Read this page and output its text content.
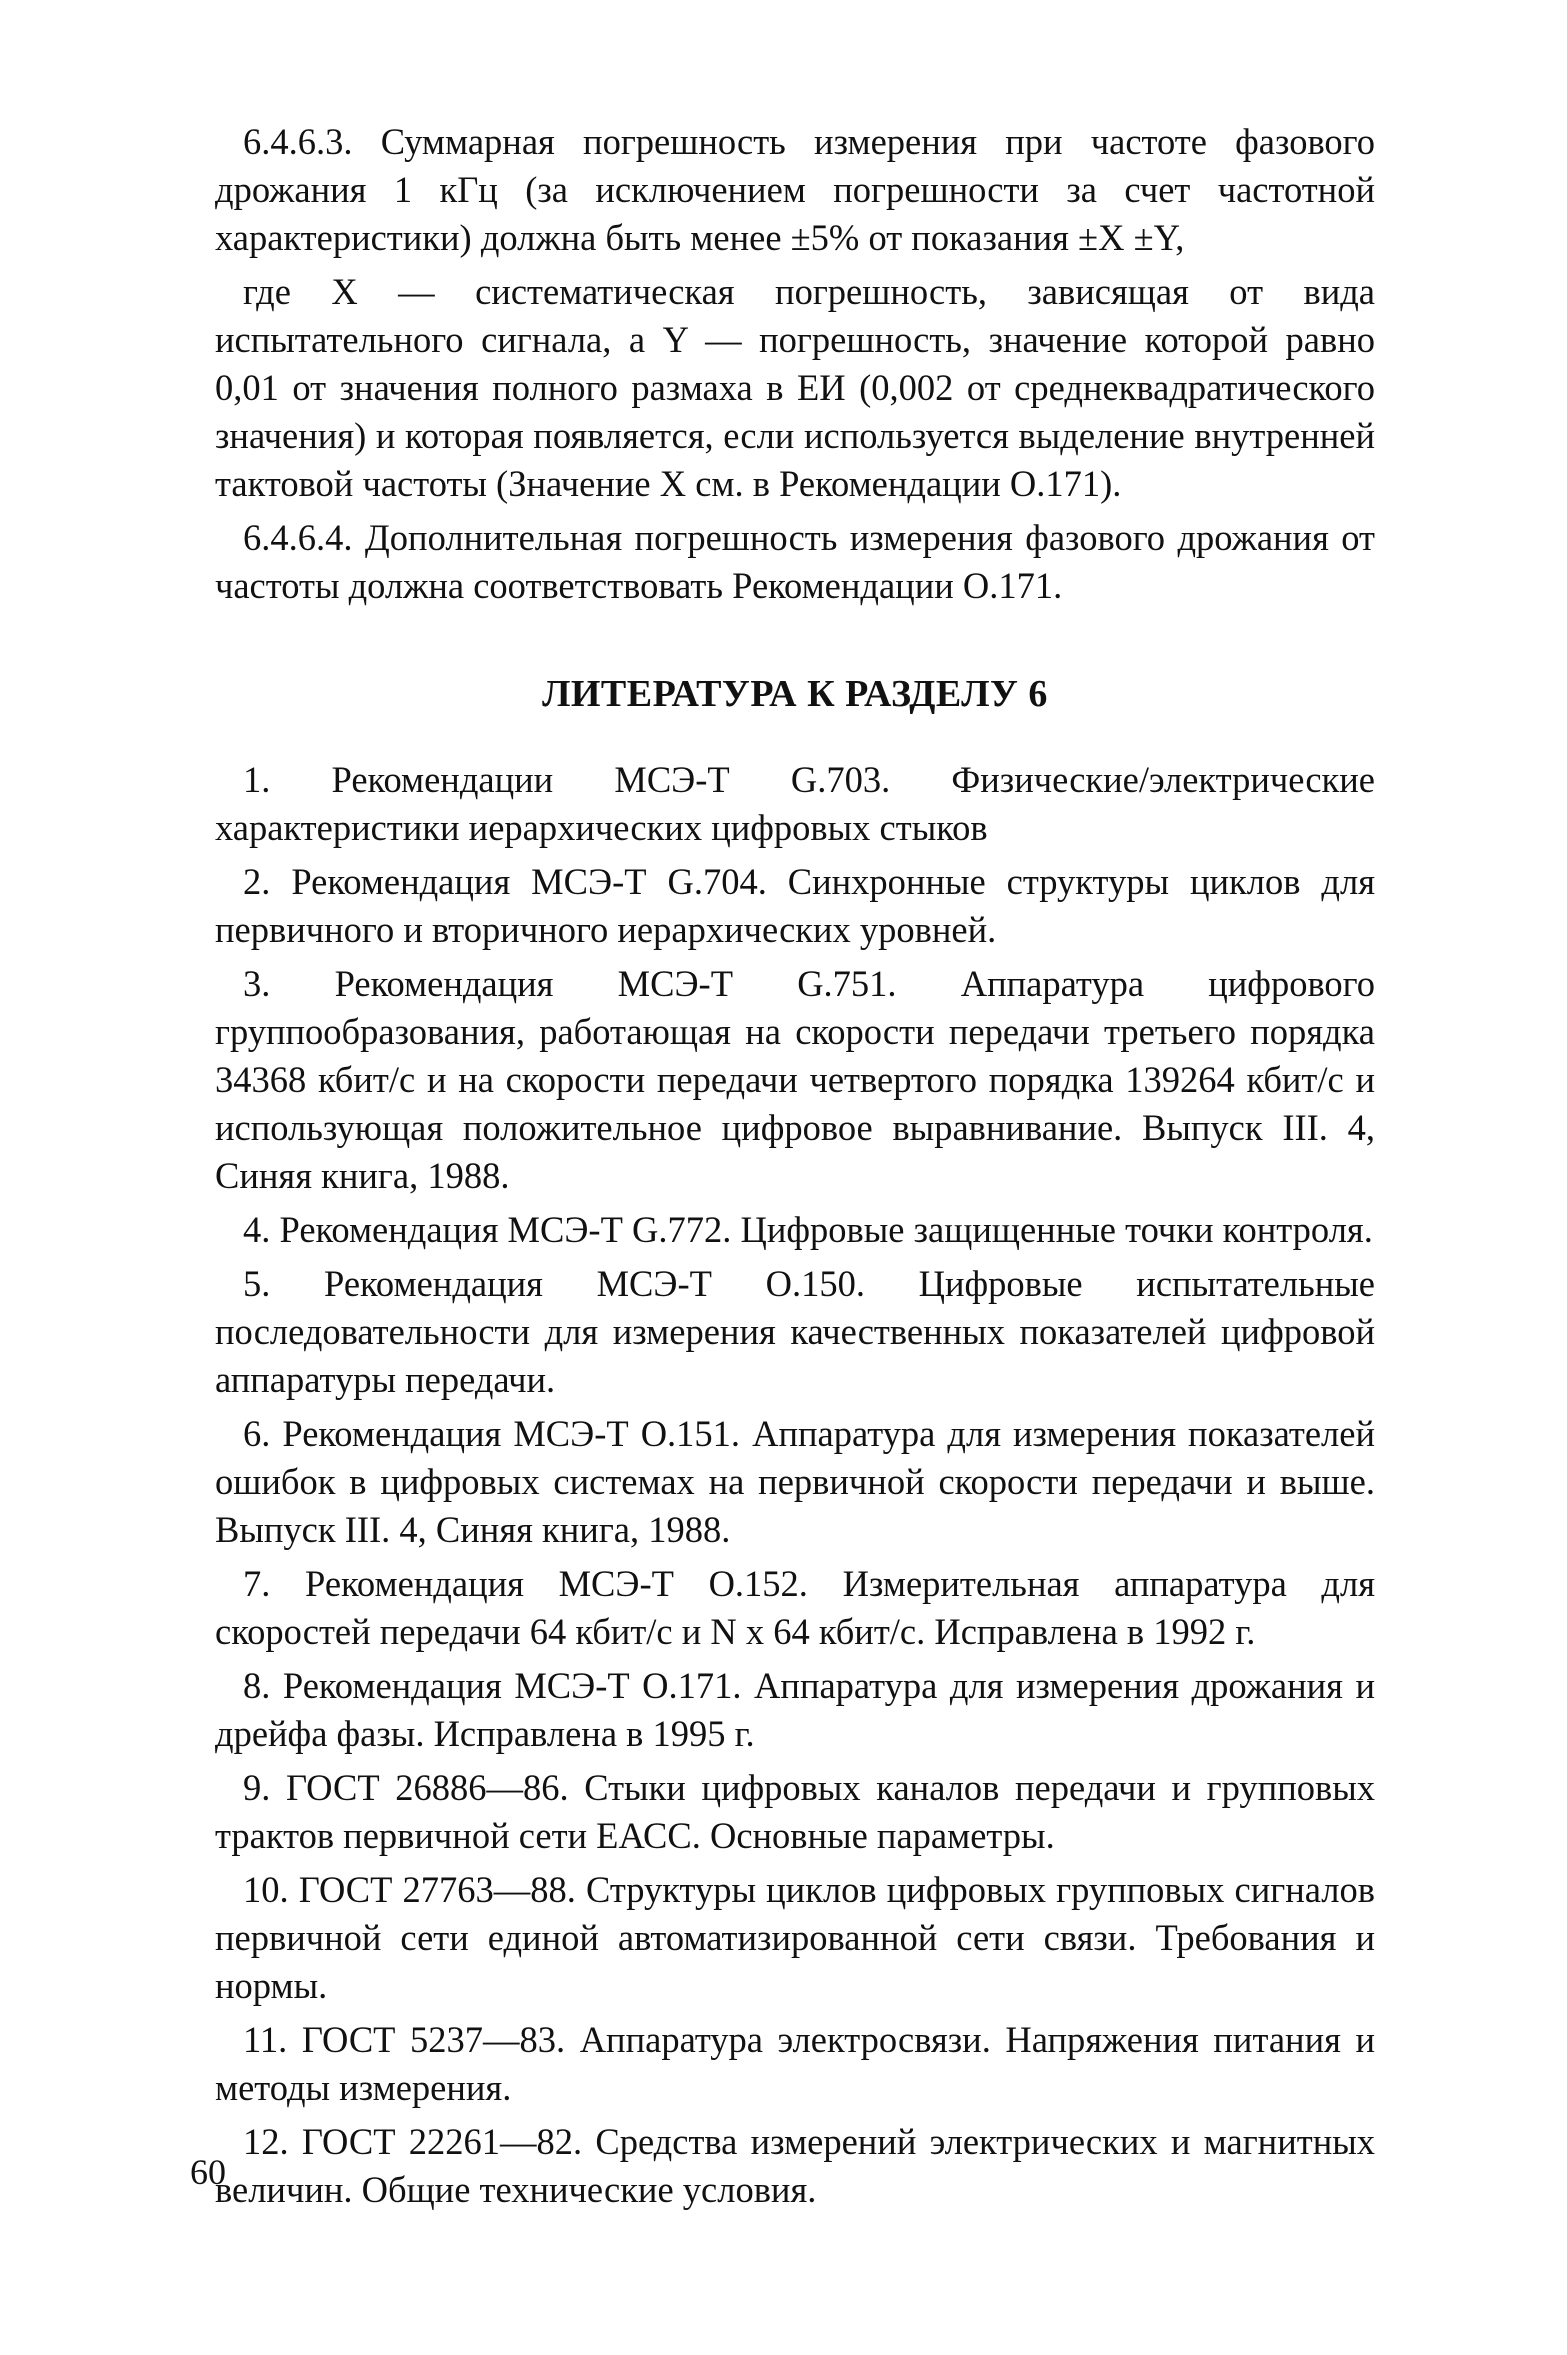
6.4.6.3. Суммарная погрешность измерения при частоте фазового дрожания 1 кГц (за исключением погрешности за счет частотной характеристики) должна быть менее ±5% от показания ±X ±Y,

где X — систематическая погрешность, зависящая от вида испытательного сигнала, а Y — погрешность, значение которой равно 0,01 от значения полного размаха в ЕИ (0,002 от среднеквадратического значения) и которая появляется, если используется выделение внутренней тактовой частоты (Значение X см. в Рекомендации О.171).

6.4.6.4. Дополнительная погрешность измерения фазового дрожания от частоты должна соответствовать Рекомендации О.171.

ЛИТЕРАТУРА К РАЗДЕЛУ 6
1. Рекомендации МСЭ-Т G.703. Физические/электрические характеристики иерархических цифровых стыков
2. Рекомендация МСЭ-Т G.704. Синхронные структуры циклов для первичного и вторичного иерархических уровней.
3. Рекомендация МСЭ-Т G.751. Аппаратура цифрового группообразования, работающая на скорости передачи третьего порядка 34368 кбит/с и на скорости передачи четвертого порядка 139264 кбит/с и использующая положительное цифровое выравнивание. Выпуск III. 4, Синяя книга, 1988.
4. Рекомендация МСЭ-Т G.772. Цифровые защищенные точки контроля.
5. Рекомендация МСЭ-Т О.150. Цифровые испытательные последовательности для измерения качественных показателей цифровой аппаратуры передачи.
6. Рекомендация МСЭ-Т О.151. Аппаратура для измерения показателей ошибок в цифровых системах на первичной скорости передачи и выше. Выпуск III. 4, Синяя книга, 1988.
7. Рекомендация МСЭ-Т О.152. Измерительная аппаратура для скоростей передачи 64 кбит/с и N x 64 кбит/с. Исправлена в 1992 г.
8. Рекомендация МСЭ-Т О.171. Аппаратура для измерения дрожания и дрейфа фазы. Исправлена в 1995 г.
9. ГОСТ 26886—86. Стыки цифровых каналов передачи и групповых трактов первичной сети ЕАСС. Основные параметры.
10. ГОСТ 27763—88. Структуры циклов цифровых групповых сигналов первичной сети единой автоматизированной сети связи. Требования и нормы.
11. ГОСТ 5237—83. Аппаратура электросвязи. Напряжения питания и методы измерения.
12. ГОСТ 22261—82. Средства измерений электрических и магнитных величин. Общие технические условия.
60
